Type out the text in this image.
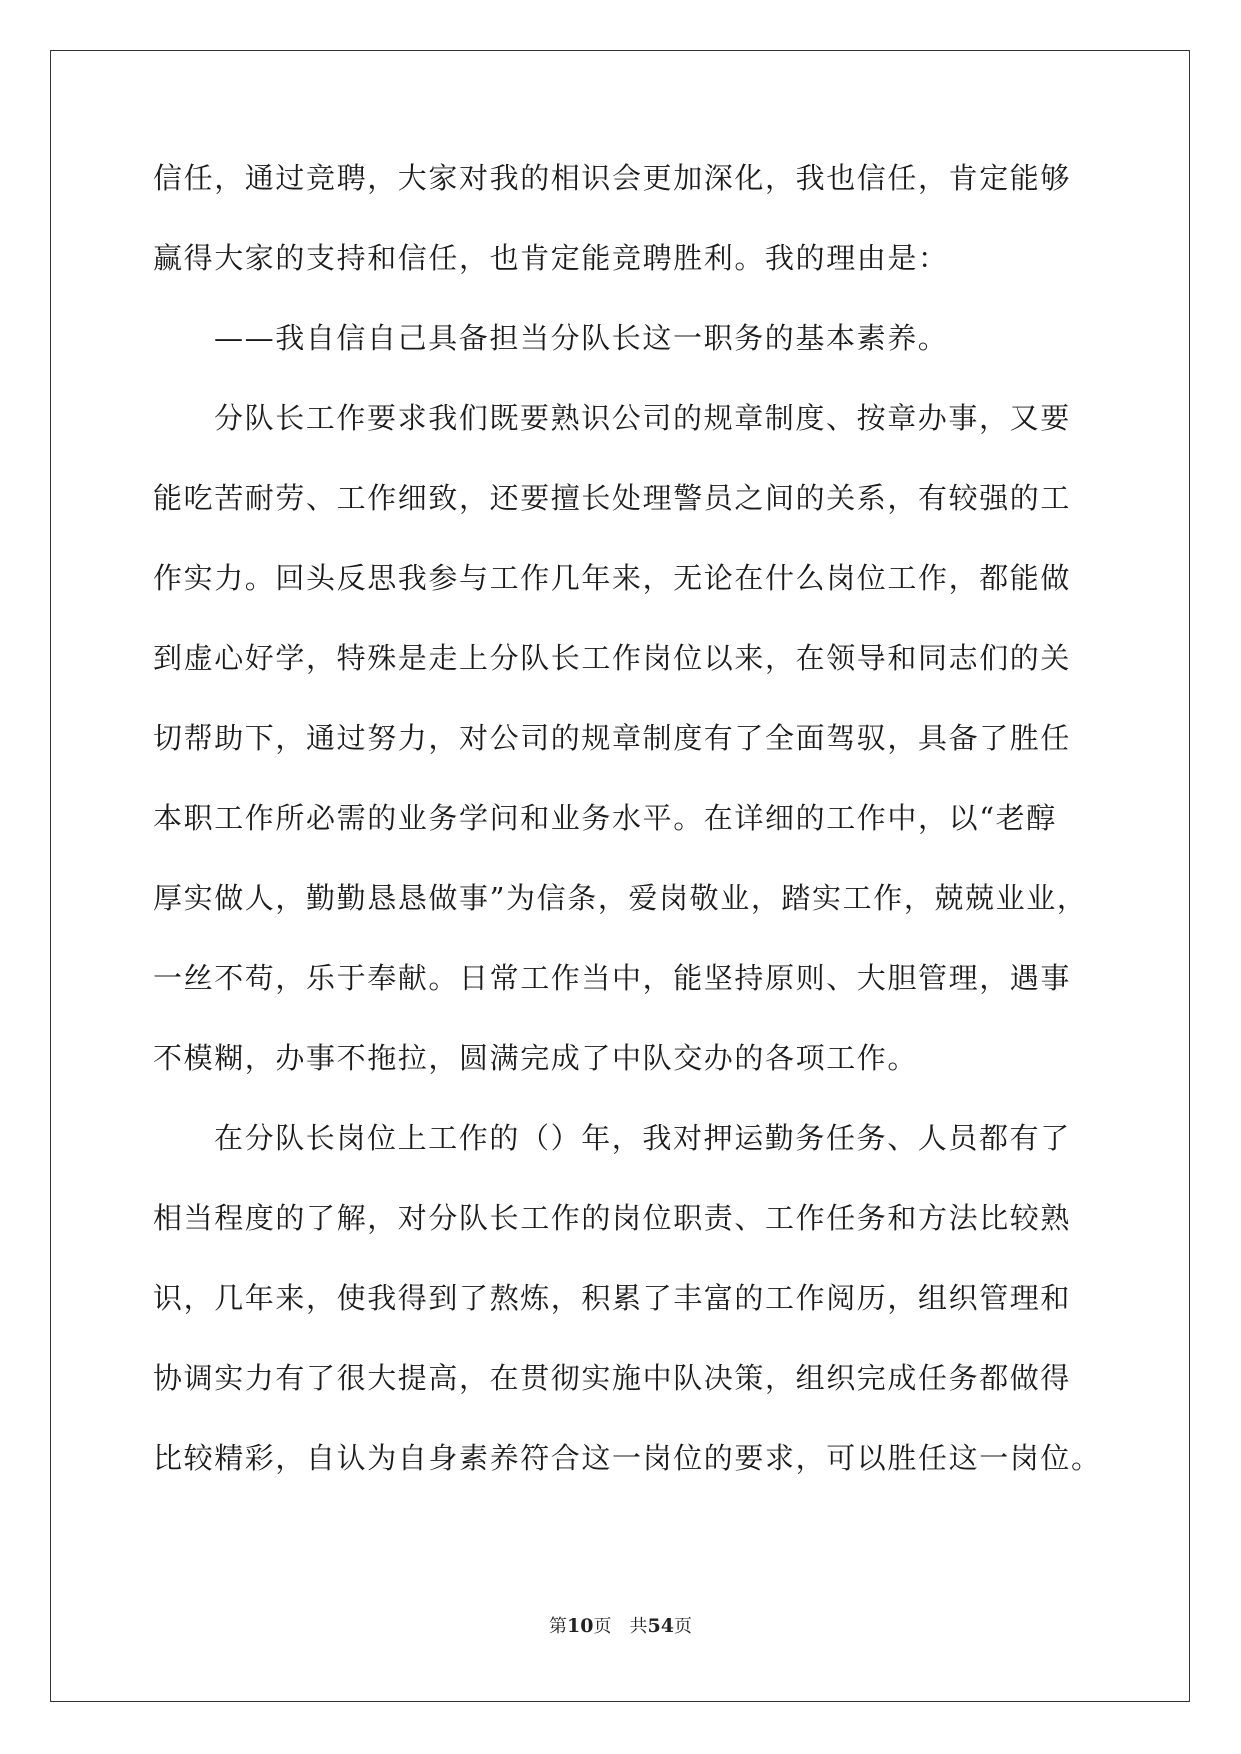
信任，通过竞聘，大家对我的相识会更加深化，我也信任，肯定能够
赢得大家的支持和信任，也肯定能竞聘胜利。我的理由是：
——我自信自己具备担当分队长这一职务的基本素养。
分队长工作要求我们既要熟识公司的规章制度、按章办事，又要
能吃苦耐劳、工作细致，还要擅长处理警员之间的关系，有较强的工
作实力。回头反思我参与工作几年来，无论在什么岗位工作，都能做
到虚心好学，特殊是走上分队长工作岗位以来，在领导和同志们的关
切帮助下，通过努力，对公司的规章制度有了全面驾驭，具备了胜任
本职工作所必需的业务学问和业务水平。在详细的工作中，以“老醇
厚实做人，勤勤恳恳做事”为信条，爱岗敬业，踏实工作，兢兢业业，
一丝不苟，乐于奉献。日常工作当中，能坚持原则、大胆管理，遇事
不模糊，办事不拖拉，圆满完成了中队交办的各项工作。
在分队长岗位上工作的（）年，我对押运勤务任务、人员都有了
相当程度的了解，对分队长工作的岗位职责、工作任务和方法比较熟
识，几年来，使我得到了熬炼，积累了丰富的工作阅历，组织管理和
协调实力有了很大提高，在贯彻实施中队决策，组织完成任务都做得
比较精彩，自认为自身素养符合这一岗位的要求，可以胜任这一岗位。
第10页 共54页
